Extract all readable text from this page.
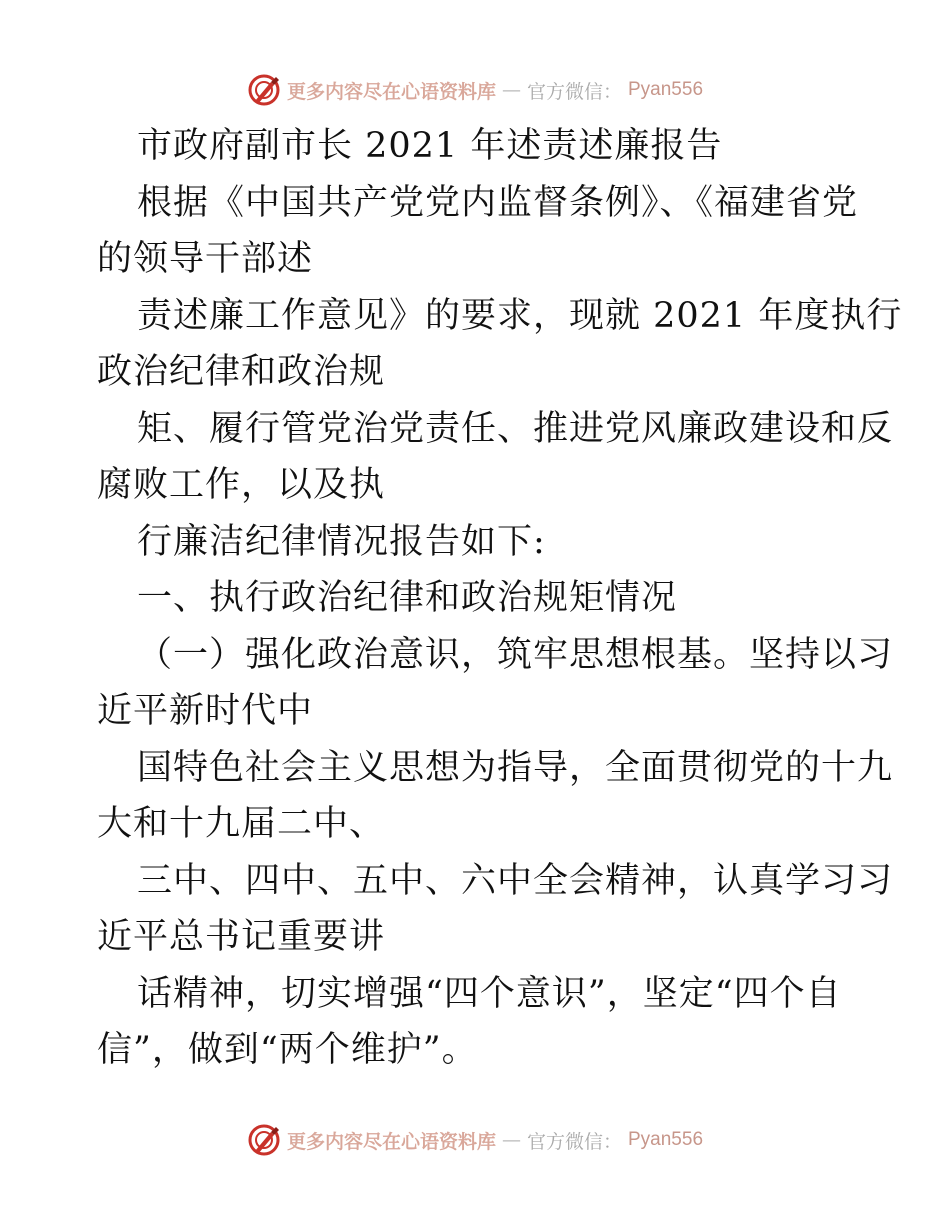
更多内容尽在心语资料库 — 官方微信： Pyan556
市政府副市长 2021 年述责述廉报告
根据《中国共产党党内监督条例》、《福建省党
的领导干部述
责述廉工作意见》的要求，现就 2021 年度执行
政治纪律和政治规
矩、履行管党治党责任、推进党风廉政建设和反
腐败工作，以及执
行廉洁纪律情况报告如下:
一、执行政治纪律和政治规矩情况
（一）强化政治意识，筑牢思想根基。坚持以习
近平新时代中
国特色社会主义思想为指导，全面贯彻党的十九
大和十九届二中、
三中、四中、五中、六中全会精神，认真学习习
近平总书记重要讲
话精神，切实增强“四个意识”，坚定“四个自
信”，做到“两个维护”。
更多内容尽在心语资料库 — 官方微信： Pyan556
